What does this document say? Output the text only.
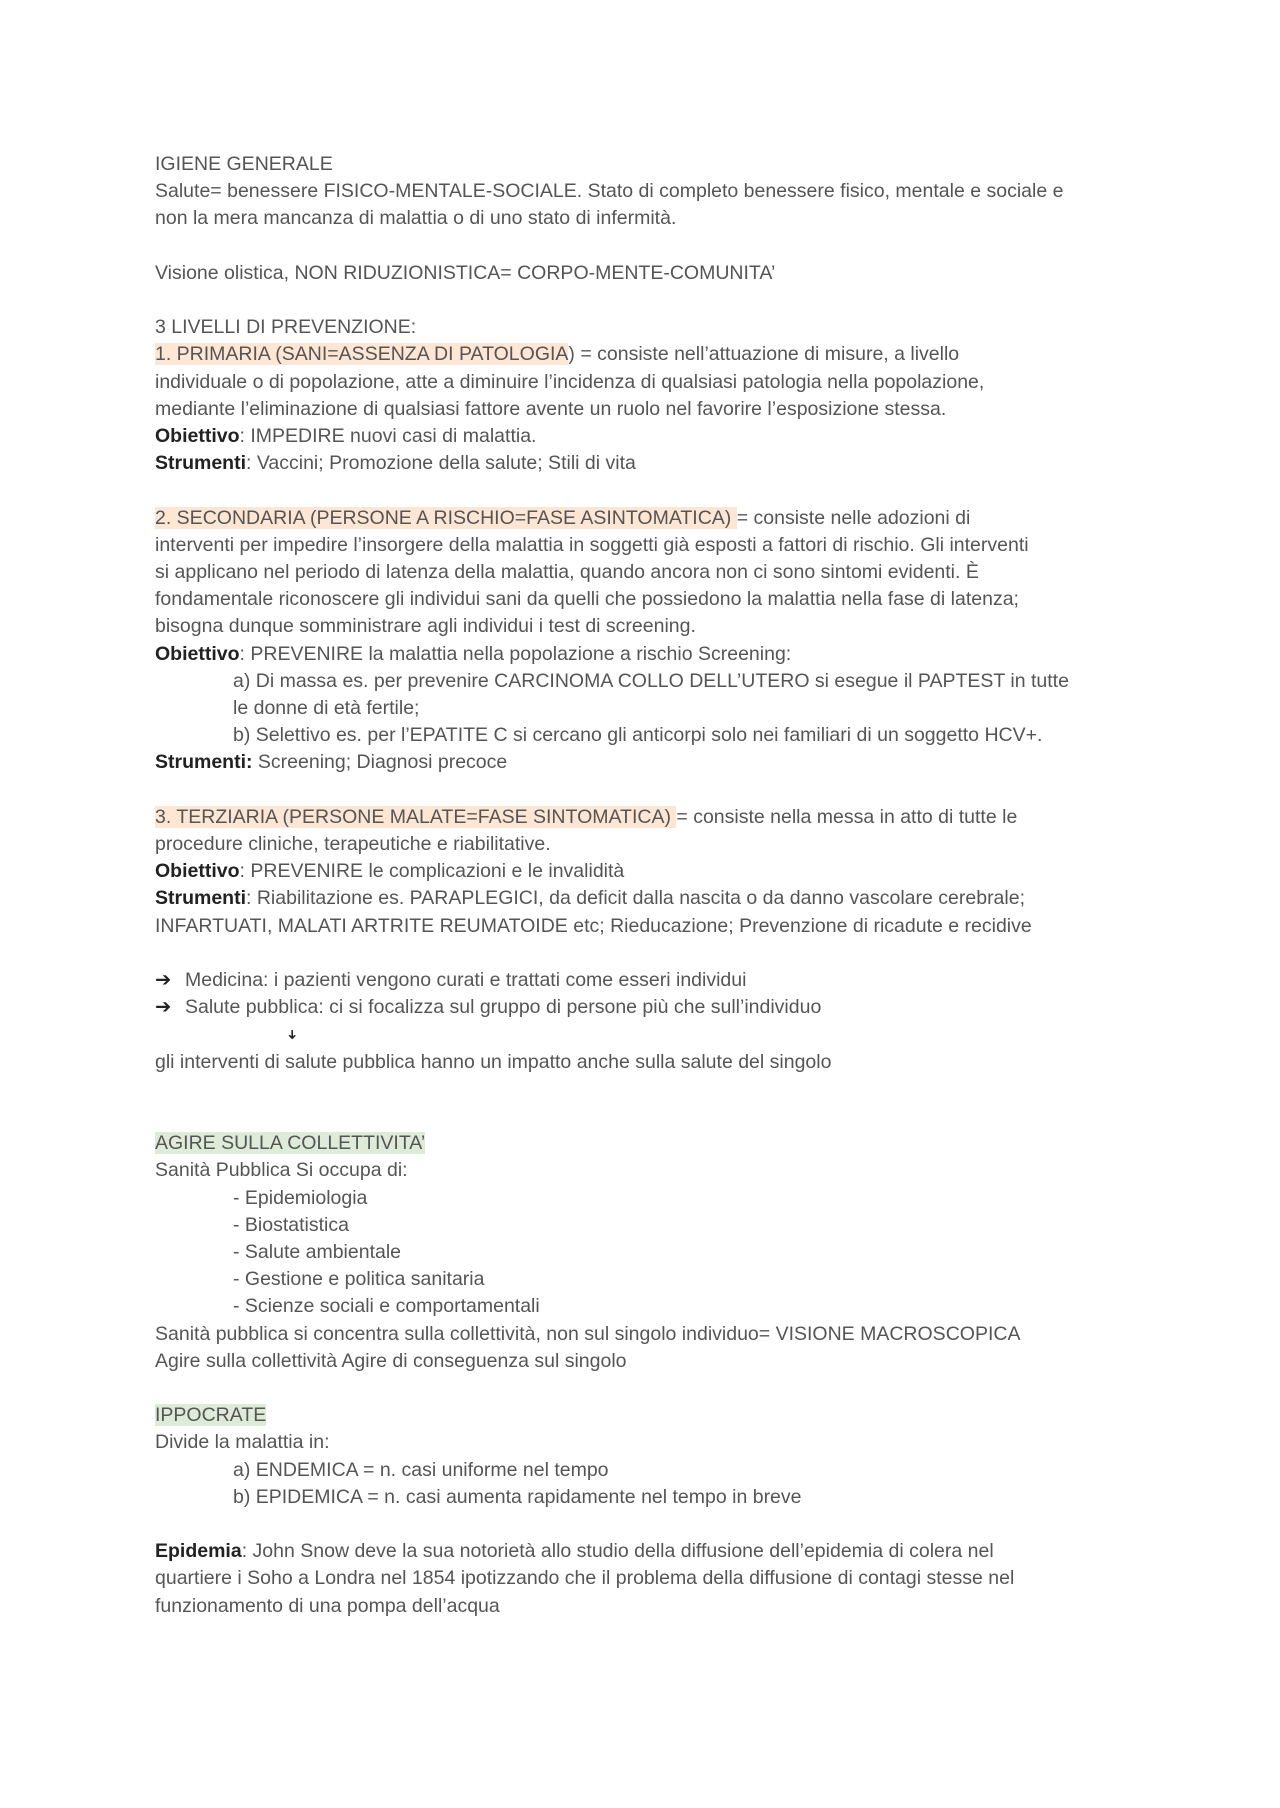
IGIENE GENERALE

Salute= benessere FISICO-MENTALE-SOCIALE. Stato di completo benessere fisico, mentale e sociale e

non la mera mancanza di malattia o di uno stato di infermità.

Visione olistica, NON RIDUZIONISTICA= CORPO-MENTE-COMUNITA’

3 LIVELLI DI PREVENZIONE:

1. PRIMARIA (SANI=ASSENZA DI PATOLOGIA) = consiste nell’attuazione di misure, a livello

individuale o di popolazione, atte a diminuire l’incidenza di qualsiasi patologia nella popolazione,

mediante l’eliminazione di qualsiasi fattore avente un ruolo nel favorire l’esposizione stessa.

Obiettivo: IMPEDIRE nuovi casi di malattia.

Strumenti: Vaccini; Promozione della salute; Stili di vita

2. SECONDARIA (PERSONE A RISCHIO=FASE ASINTOMATICA) = consiste nelle adozioni di

interventi per impedire l’insorgere della malattia in soggetti già esposti a fattori di rischio. Gli interventi

si applicano nel periodo di latenza della malattia, quando ancora non ci sono sintomi evidenti. È

fondamentale riconoscere gli individui sani da quelli che possiedono la malattia nella fase di latenza;

bisogna dunque somministrare agli individui i test di screening.

Obiettivo: PREVENIRE la malattia nella popolazione a rischio Screening:

a) Di massa es. per prevenire CARCINOMA COLLO DELL’UTERO si esegue il PAPTEST in tutte

le donne di età fertile;

b) Selettivo es. per l’EPATITE C si cercano gli anticorpi solo nei familiari di un soggetto HCV+.

Strumenti: Screening; Diagnosi precoce

3. TERZIARIA (PERSONE MALATE=FASE SINTOMATICA) = consiste nella messa in atto di tutte le

procedure cliniche, terapeutiche e riabilitative.

Obiettivo: PREVENIRE le complicazioni e le invalidità

Strumenti: Riabilitazione es. PARAPLEGICI, da deficit dalla nascita o da danno vascolare cerebrale;

INFARTUATI, MALATI ARTRITE REUMATOIDE etc; Rieducazione; Prevenzione di ricadute e recidive

➔ Medicina: i pazienti vengono curati e trattati come esseri individui
➔ Salute pubblica: ci si focalizza sul gruppo di persone più che sull’individuo

➜

gli interventi di salute pubblica hanno un impatto anche sulla salute del singolo

AGIRE SULLA COLLETTIVITA’

Sanità Pubblica Si occupa di:

- Epidemiologia

- Biostatistica

- Salute ambientale

- Gestione e politica sanitaria

- Scienze sociali e comportamentali

Sanità pubblica si concentra sulla collettività, non sul singolo individuo= VISIONE MACROSCOPICA

Agire sulla collettività Agire di conseguenza sul singolo

IPPOCRATE

Divide la malattia in:

a) ENDEMICA = n. casi uniforme nel tempo

b) EPIDEMICA = n. casi aumenta rapidamente nel tempo in breve

Epidemia: John Snow deve la sua notorietà allo studio della diffusione dell’epidemia di colera nel

quartiere i Soho a Londra nel 1854 ipotizzando che il problema della diffusione di contagi stesse nel

funzionamento di una pompa dell’acqua
